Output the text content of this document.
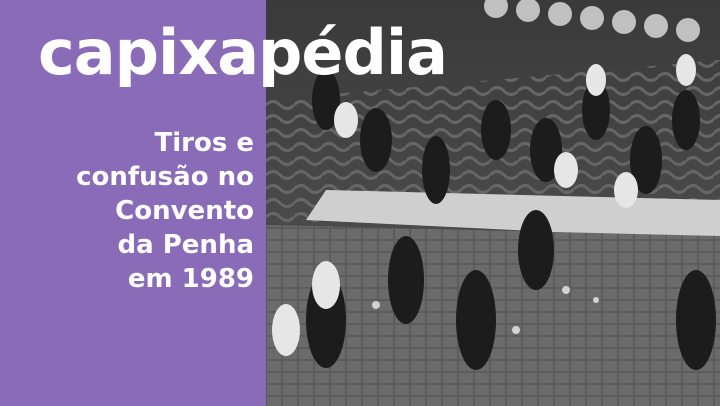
capixapédia
Tiros e
confusão no
Convento
da Penha
em 1989
